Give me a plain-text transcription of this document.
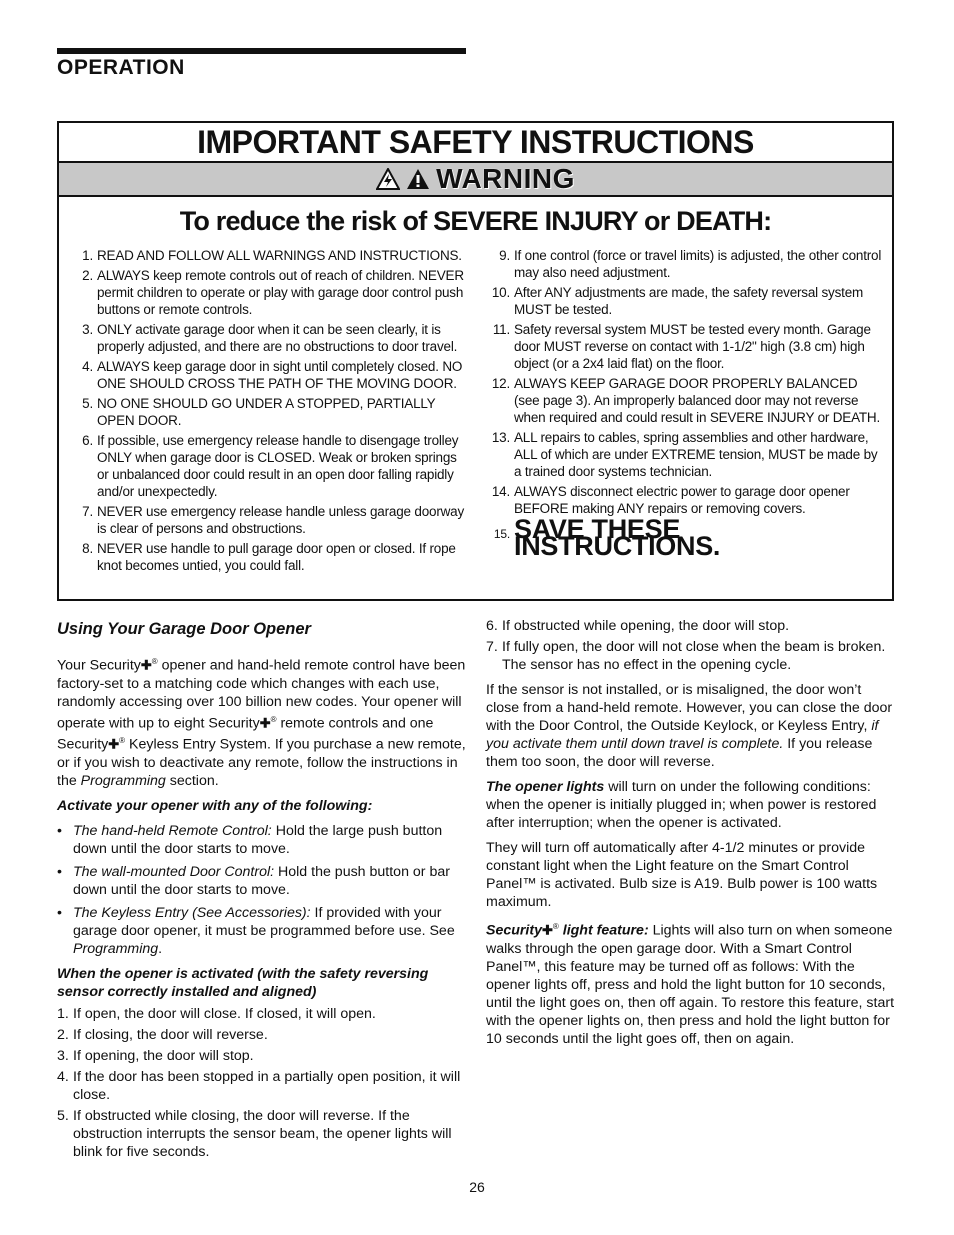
OPERATION
IMPORTANT SAFETY INSTRUCTIONS
WARNING
To reduce the risk of SEVERE INJURY or DEATH:
1. READ AND FOLLOW ALL WARNINGS AND INSTRUCTIONS.
2. ALWAYS keep remote controls out of reach of children. NEVER permit children to operate or play with garage door control push buttons or remote controls.
3. ONLY activate garage door when it can be seen clearly, it is properly adjusted, and there are no obstructions to door travel.
4. ALWAYS keep garage door in sight until completely closed. NO ONE SHOULD CROSS THE PATH OF THE MOVING DOOR.
5. NO ONE SHOULD GO UNDER A STOPPED, PARTIALLY OPEN DOOR.
6. If possible, use emergency release handle to disengage trolley ONLY when garage door is CLOSED. Weak or broken springs or unbalanced door could result in an open door falling rapidly and/or unexpectedly.
7. NEVER use emergency release handle unless garage doorway is clear of persons and obstructions.
8. NEVER use handle to pull garage door open or closed. If rope knot becomes untied, you could fall.
9. If one control (force or travel limits) is adjusted, the other control may also need adjustment.
10. After ANY adjustments are made, the safety reversal system MUST be tested.
11. Safety reversal system MUST be tested every month. Garage door MUST reverse on contact with 1-1/2" high (3.8 cm) high object (or a 2x4 laid flat) on the floor.
12. ALWAYS KEEP GARAGE DOOR PROPERLY BALANCED (see page 3). An improperly balanced door may not reverse when required and could result in SEVERE INJURY or DEATH.
13. ALL repairs to cables, spring assemblies and other hardware, ALL of which are under EXTREME tension, MUST be made by a trained door systems technician.
14. ALWAYS disconnect electric power to garage door opener BEFORE making ANY repairs or removing covers.
15. SAVE THESE INSTRUCTIONS.
Using Your Garage Door Opener

Your Security✚® opener and hand-held remote control have been factory-set to a matching code which changes with each use, randomly accessing over 100 billion new codes. Your opener will operate with up to eight Security✚® remote controls and one Security✚® Keyless Entry System. If you purchase a new remote, or if you wish to deactivate any remote, follow the instructions in the Programming section.

Activate your opener with any of the following:

• The hand-held Remote Control: Hold the large push button down until the door starts to move.
• The wall-mounted Door Control: Hold the push button or bar down until the door starts to move.
• The Keyless Entry (See Accessories): If provided with your garage door opener, it must be programmed before use. See Programming.

When the opener is activated (with the safety reversing sensor correctly installed and aligned)

1. If open, the door will close. If closed, it will open.
2. If closing, the door will reverse.
3. If opening, the door will stop.
4. If the door has been stopped in a partially open position, it will close.
5. If obstructed while closing, the door will reverse. If the obstruction interrupts the sensor beam, the opener lights will blink for five seconds.
6. If obstructed while opening, the door will stop.
7. If fully open, the door will not close when the beam is broken. The sensor has no effect in the opening cycle.

If the sensor is not installed, or is misaligned, the door won’t close from a hand-held remote. However, you can close the door with the Door Control, the Outside Keylock, or Keyless Entry, if you activate them until down travel is complete. If you release them too soon, the door will reverse.

The opener lights will turn on under the following conditions: when the opener is initially plugged in; when power is restored after interruption; when the opener is activated.

They will turn off automatically after 4-1/2 minutes or provide constant light when the Light feature on the Smart Control Panel™ is activated. Bulb size is A19. Bulb power is 100 watts maximum.

Security✚® light feature: Lights will also turn on when someone walks through the open garage door. With a Smart Control Panel™, this feature may be turned off as follows: With the opener lights off, press and hold the light button for 10 seconds, until the light goes on, then off again. To restore this feature, start with the opener lights on, then press and hold the light button for 10 seconds until the light goes off, then on again.

26
